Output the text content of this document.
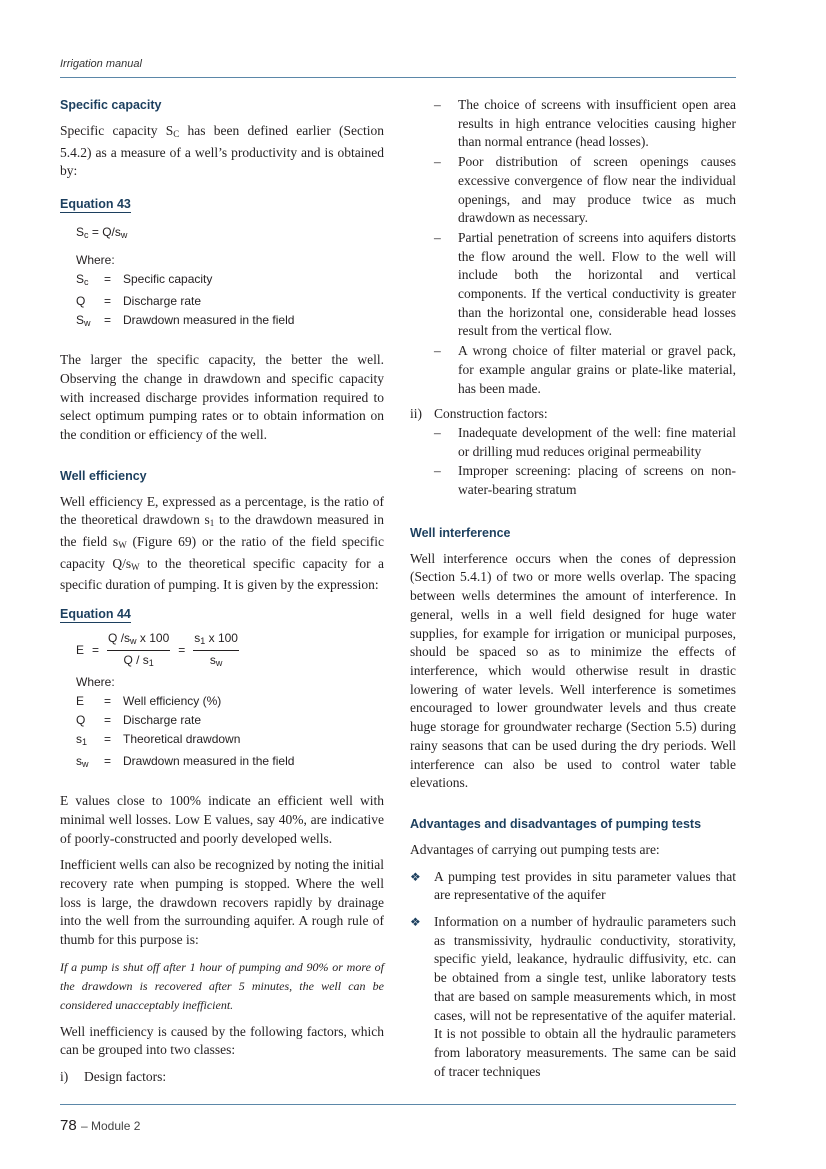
Irrigation manual
Specific capacity

Specific capacity $S_C$ has been defined earlier (Section 5.4.2) as a measure of a well’s productivity and is obtained by:

Equation 43
$S_c = Q/s_w$
Where:
$S_c$	= Specific capacity
Q	= Discharge rate
$S_w$	= Drawdown measured in the field

The larger the specific capacity, the better the well. Observing the change in drawdown and specific capacity with increased discharge provides information required to select optimum pumping rates or to obtain information on the condition or efficiency of the well.

Well efficiency

Well efficiency E, expressed as a percentage, is the ratio of the theoretical drawdown $s_1$ to the drawdown measured in the field $s_W$ (Figure 69) or the ratio of the field specific capacity $Q/s_W$ to the theoretical specific capacity for a specific duration of pumping. It is given by the expression:

Equation 44
$E = \frac{Q /s_w x 100}{Q / s_1} = \frac{s_1 x 100}{s_w}$
Where:
E	= Well efficiency (%)
Q	= Discharge rate
$s_1$	= Theoretical drawdown
$s_w$	= Drawdown measured in the field

E values close to 100% indicate an efficient well with minimal well losses. Low E values, say 40%, are indicative of poorly-constructed and poorly developed wells.

Inefficient wells can also be recognized by noting the initial recovery rate when pumping is stopped. Where the well loss is large, the drawdown recovers rapidly by drainage into the well from the surrounding aquifer. A rough rule of thumb for this purpose is:

If a pump is shut off after 1 hour of pumping and 90% or more of the drawdown is recovered after 5 minutes, the well can be considered unacceptably inefficient.

Well inefficiency is caused by the following factors, which can be grouped into two classes:

i) Design factors:
– The choice of screens with insufficient open area results in high entrance velocities causing higher than normal entrance (head losses).
– Poor distribution of screen openings causes excessive convergence of flow near the individual openings, and may produce twice as much drawdown as necessary.
– Partial penetration of screens into aquifers distorts the flow around the well. Flow to the well will include both the horizontal and vertical components. If the vertical conductivity is greater than the horizontal one, considerable head losses result from the vertical flow.
– A wrong choice of filter material or gravel pack, for example angular grains or plate-like material, has been made.
ii) Construction factors:
– Inadequate development of the well: fine material or drilling mud reduces original permeability
– Improper screening: placing of screens on non-water-bearing stratum
Well interference

Well interference occurs when the cones of depression (Section 5.4.1) of two or more wells overlap. The spacing between wells determines the amount of interference. In general, wells in a well field designed for huge water supplies, for example for irrigation or municipal purposes, should be spaced so as to minimize the effects of interference, which would otherwise result in drastic lowering of water levels. Well interference is sometimes encouraged to lower groundwater levels and thus create huge storage for groundwater recharge (Section 5.5) during rainy seasons that can be used during the dry periods. Well interference can also be used to control water table elevations.

Advantages and disadvantages of pumping tests

Advantages of carrying out pumping tests are:

❖ A pumping test provides in situ parameter values that are representative of the aquifer
❖ Information on a number of hydraulic parameters such as transmissivity, hydraulic conductivity, storativity, specific yield, leakance, hydraulic diffusivity, etc. can be obtained from a single test, unlike laboratory tests that are based on sample measurements which, in most cases, will not be representative of the aquifer material. It is not possible to obtain all the hydraulic parameters from laboratory measurements. The same can be said of tracer techniques
78 – Module 2
